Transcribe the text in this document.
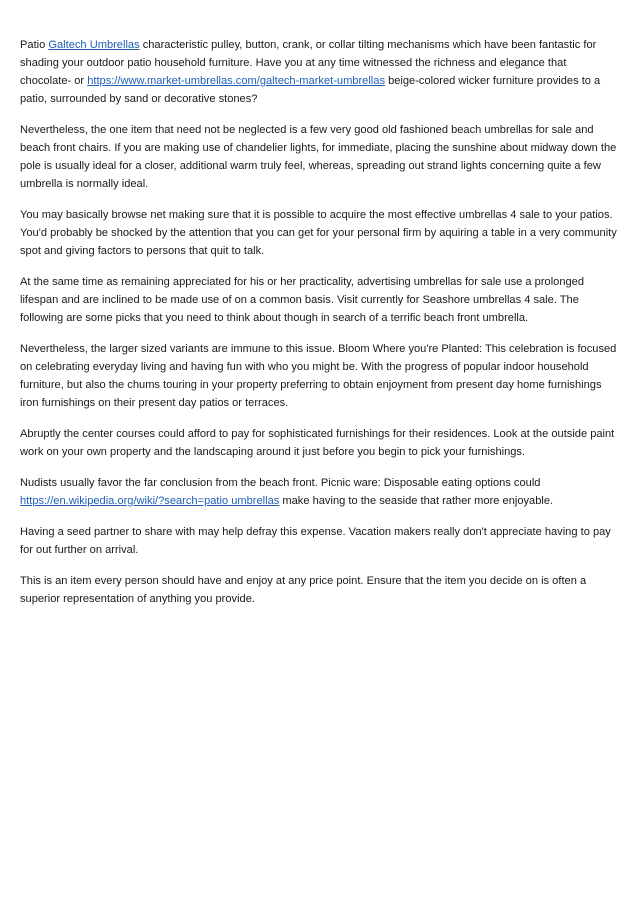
Patio Galtech Umbrellas characteristic pulley, button, crank, or collar tilting mechanisms which have been fantastic for shading your outdoor patio household furniture. Have you at any time witnessed the richness and elegance that chocolate- or https://www.market-umbrellas.com/galtech-market-umbrellas beige-colored wicker furniture provides to a patio, surrounded by sand or decorative stones?

Nevertheless, the one item that need not be neglected is a few very good old fashioned beach umbrellas for sale and beach front chairs. If you are making use of chandelier lights, for immediate, placing the sunshine about midway down the pole is usually ideal for a closer, additional warm truly feel, whereas, spreading out strand lights concerning quite a few umbrella is normally ideal.

You may basically browse net making sure that it is possible to acquire the most effective umbrellas 4 sale to your patios. You'd probably be shocked by the attention that you can get for your personal firm by aquiring a table in a very community spot and giving factors to persons that quit to talk.

At the same time as remaining appreciated for his or her practicality, advertising umbrellas for sale use a prolonged lifespan and are inclined to be made use of on a common basis. Visit currently for Seashore umbrellas 4 sale. The following are some picks that you need to think about though in search of a terrific beach front umbrella.

Nevertheless, the larger sized variants are immune to this issue. Bloom Where you're Planted: This celebration is focused on celebrating everyday living and having fun with who you might be. With the progress of popular indoor household furniture, but also the chums touring in your property preferring to obtain enjoyment from present day home furnishings iron furnishings on their present day patios or terraces.

Abruptly the center courses could afford to pay for sophisticated furnishings for their residences. Look at the outside paint work on your own property and the landscaping around it just before you begin to pick your furnishings.

Nudists usually favor the far conclusion from the beach front. Picnic ware: Disposable eating options could https://en.wikipedia.org/wiki/?search=patio umbrellas make having to the seaside that rather more enjoyable.

Having a seed partner to share with may help defray this expense. Vacation makers really don't appreciate having to pay for out further on arrival.

This is an item every person should have and enjoy at any price point. Ensure that the item you decide on is often a superior representation of anything you provide.
